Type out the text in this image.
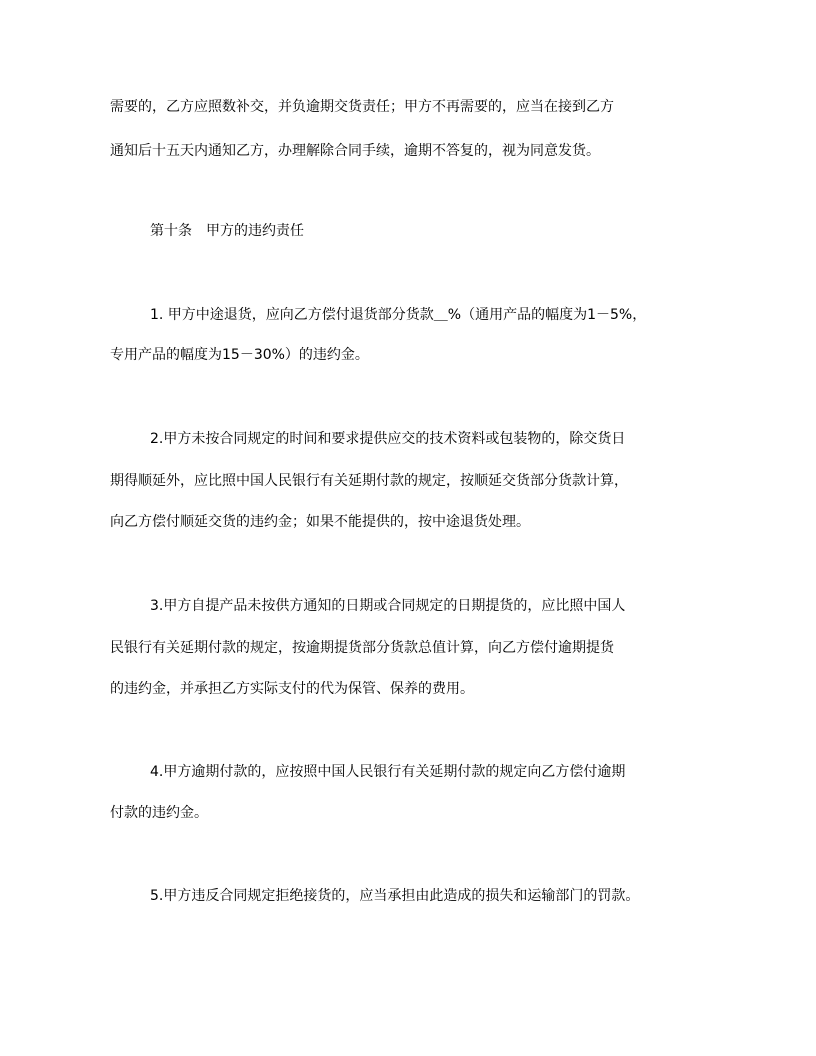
需要的，乙方应照数补交，并负逾期交货责任；甲方不再需要的，应当在接到乙方
通知后十五天内通知乙方，办理解除合同手续，逾期不答复的，视为同意发货。
第十条　甲方的违约责任
1. 甲方中途退货，应向乙方偿付退货部分货款＿%（通用产品的幅度为1－5%，
专用产品的幅度为15－30%）的违约金。
2.甲方未按合同规定的时间和要求提供应交的技术资料或包装物的，除交货日
期得顺延外，应比照中国人民银行有关延期付款的规定，按顺延交货部分货款计算，
向乙方偿付顺延交货的违约金；如果不能提供的，按中途退货处理。
3.甲方自提产品未按供方通知的日期或合同规定的日期提货的，应比照中国人
民银行有关延期付款的规定，按逾期提货部分货款总值计算，向乙方偿付逾期提货
的违约金，并承担乙方实际支付的代为保管、保养的费用。
4.甲方逾期付款的，应按照中国人民银行有关延期付款的规定向乙方偿付逾期
付款的违约金。
5.甲方违反合同规定拒绝接货的，应当承担由此造成的损失和运输部门的罚款。
